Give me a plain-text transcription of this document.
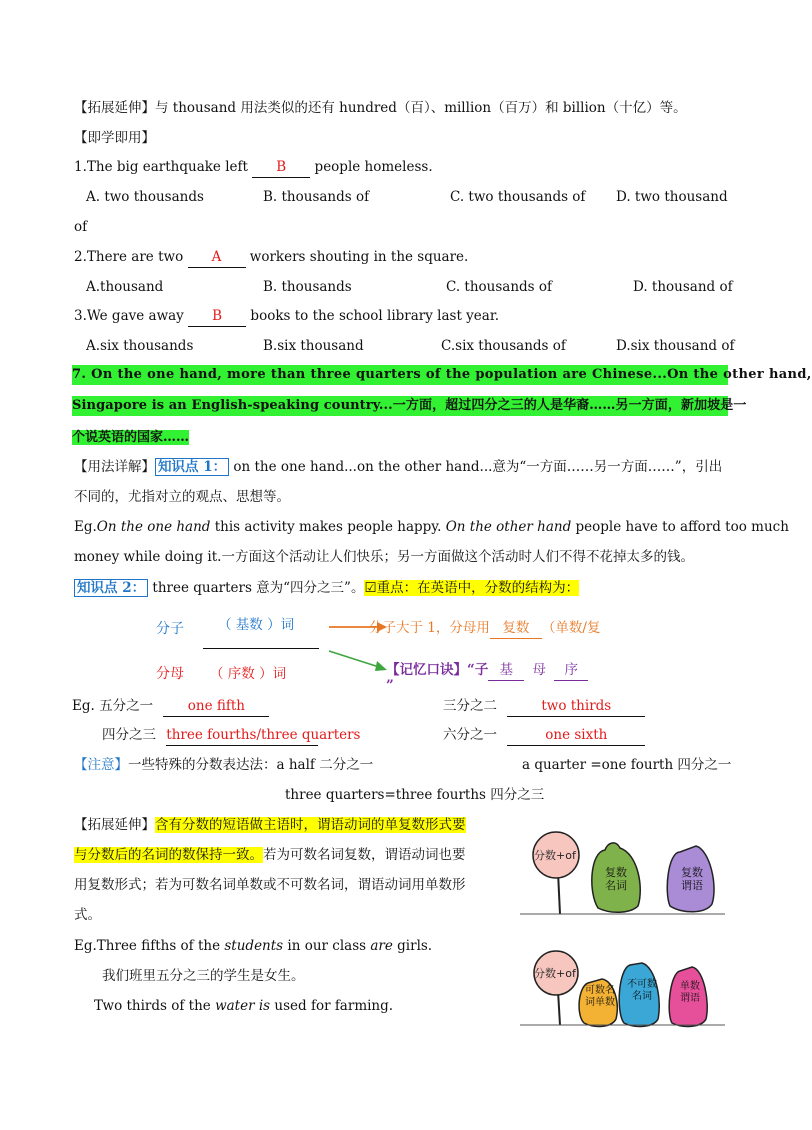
【拓展延伸】与 thousand 用法类似的还有 hundred（百）、million（百万）和 billion（十亿）等。
【即学即用】
1.The big earthquake left B people homeless.
A. two thousands	B. thousands of	C. two thousands of D. two thousand
of
2.There are two A workers shouting in the square.
A.thousand	B. thousands	C. thousands of	D. thousand of
3.We gave away B books to the school library last year.
A.six thousands	B.six thousand	C.six thousands of	D.six thousand of
7. On the one hand, more than three quarters of the population are Chinese...On the other hand,
Singapore is an English-speaking country...一方面，超过四分之三的人是华裔……另一方面，新加坡是一
个说英语的国家……
【用法详解】 知识点 1： on the one hand...on the other hand...意为“一方面……另一方面……”，引出
不同的，尤指对立的观点、思想等。
Eg.On the one hand this activity makes people happy. On the other hand people have to afford too much
money while doing it.一方面这个活动让人们快乐；另一方面做这个活动时人们不得不花掉太多的钱。
知识点 2： three quarters 意为“四分之三”。☑重点：在英语中，分数的结构为：
分子	（ 基数 ）词
分母 （ 序数 ）词
分子大于 1，分母用 复数 （单数/复
【记忆口诀】“子 基 母 序
”
Eg. 五分之一	one fifth	三分之二	two thirds
四分之三 three fourths/three quarters	六分之一	one sixth
【注意】一些特殊的分数表达法：a half 二分之一	a quarter =one fourth 四分之一
three quarters=three fourths 四分之三
【拓展延伸】含有分数的短语做主语时，谓语动词的单复数形式要
与分数后的名词的数保持一致。若为可数名词复数，谓语动词也要
用复数形式；若为可数名词单数或不可数名词，谓语动词用单数形
式。
Eg.Three fifths of the students in our class are girls.
我们班里五分之三的学生是女生。
Two thirds of the water is used for farming.
分数+of
复数名词
复数谓语
分数+of
可数名词单数
不可数名词
单数谓语
